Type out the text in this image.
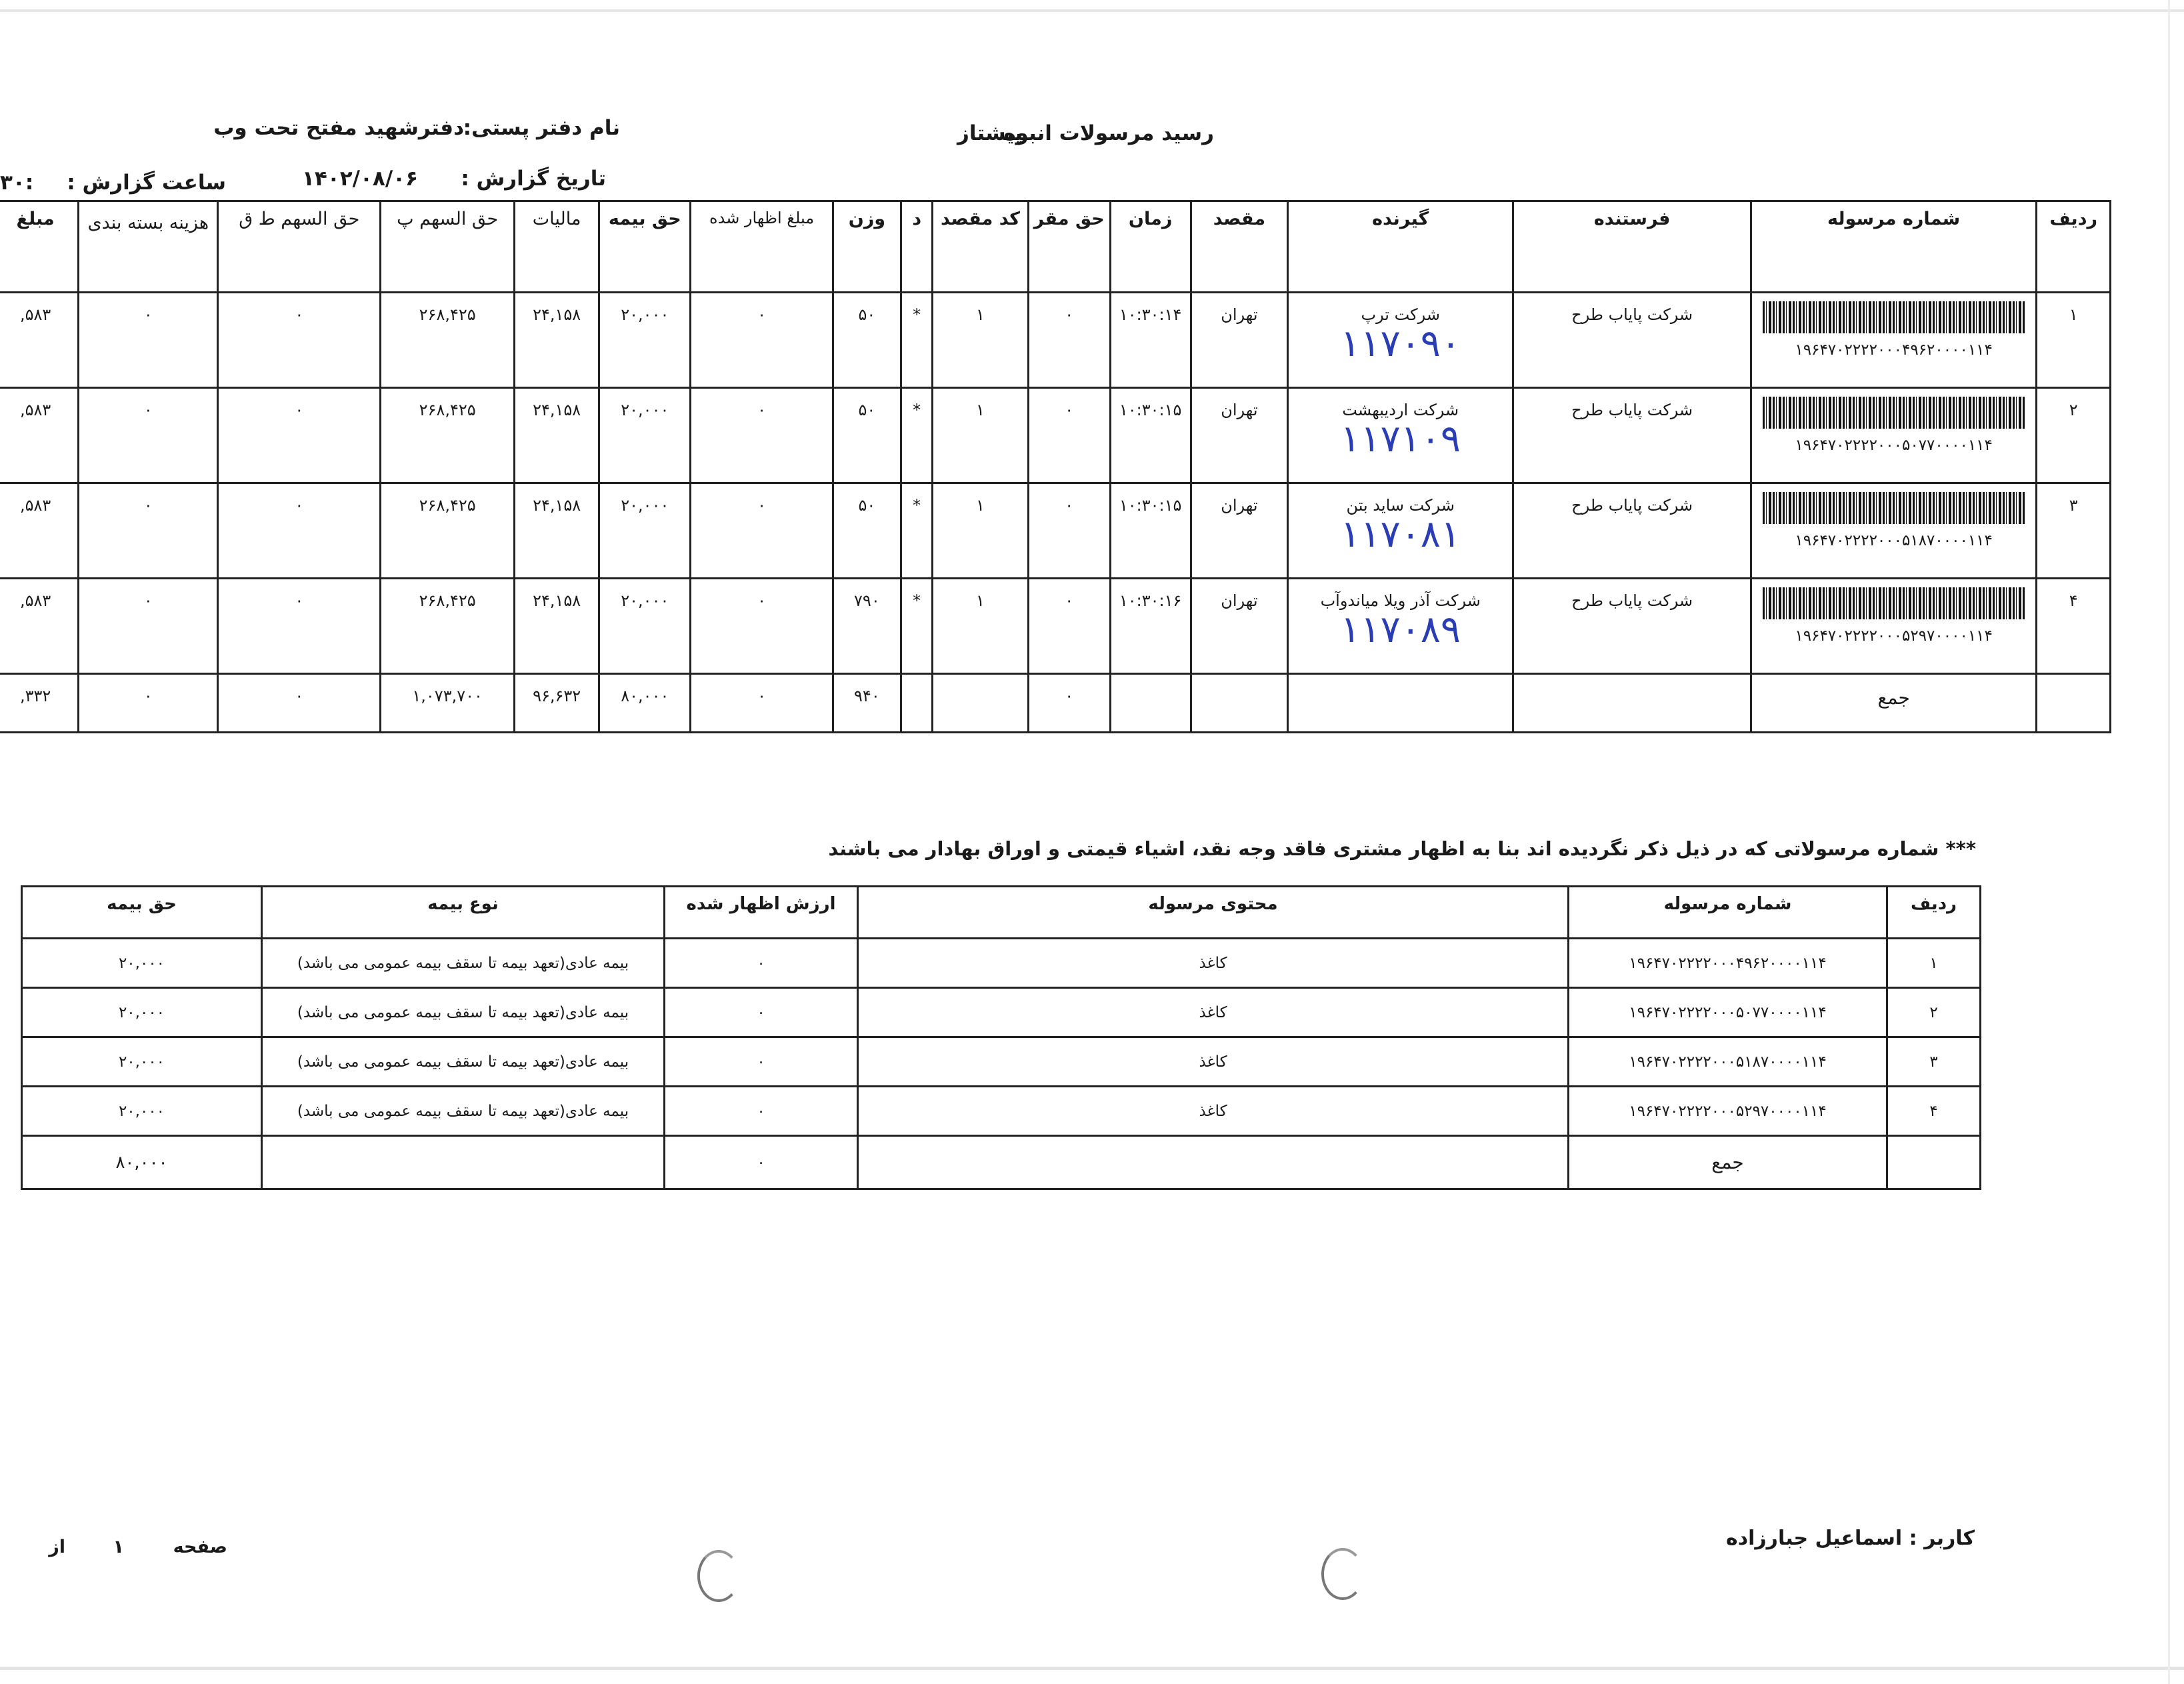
رسید مرسولات انبوه
پیشتاز
نام دفتر پستی:
دفترشهید مفتح تحت وب
تاریخ گزارش :
۱۴۰۲/۰۸/۰۶
ساعت گزارش :
۳۰:
ردیف	شماره مرسوله	فرستنده	گیرنده	مقصد	زمان	حق مقر	کد مقصد	د	وزن	مبلغ اظهار شده	حق بیمه	مالیات	حق السهم پ	حق السهم ط ق	هزینه بسته بندی	مبلغ

۱	۱۹۶۴۷۰۲۲۲۲۰۰۰۴۹۶۲۰۰۰۰۱۱۴	شرکت پایاب طرح	شرکت ترپ
۱۱۷۰۹۰	تهران	۱۰:۳۰:۱۴	۰	۱	*	۵۰	۰	۲۰,۰۰۰	۲۴,۱۵۸	۲۶۸,۴۲۵	۰	۰	۵۸۳,

۲	۱۹۶۴۷۰۲۲۲۲۰۰۰۵۰۷۷۰۰۰۰۱۱۴	شرکت پایاب طرح	شرکت اردیبهشت
۱۱۷۱۰۹	تهران	۱۰:۳۰:۱۵	۰	۱	*	۵۰	۰	۲۰,۰۰۰	۲۴,۱۵۸	۲۶۸,۴۲۵	۰	۰	۵۸۳,

۳	۱۹۶۴۷۰۲۲۲۲۰۰۰۵۱۸۷۰۰۰۰۱۱۴	شرکت پایاب طرح	شرکت ساید بتن
۱۱۷۰۸۱	تهران	۱۰:۳۰:۱۵	۰	۱	*	۵۰	۰	۲۰,۰۰۰	۲۴,۱۵۸	۲۶۸,۴۲۵	۰	۰	۵۸۳,

۴	۱۹۶۴۷۰۲۲۲۲۰۰۰۵۲۹۷۰۰۰۰۱۱۴	شرکت پایاب طرح	شرکت آذر ویلا میاندوآب
۱۱۷۰۸۹	تهران	۱۰:۳۰:۱۶	۰	۱	*	۷۹۰	۰	۲۰,۰۰۰	۲۴,۱۵۸	۲۶۸,۴۲۵	۰	۰	۵۸۳,

	جمع					۰			۹۴۰	۰	۸۰,۰۰۰	۹۶,۶۳۲	۱,۰۷۳,۷۰۰	۰	۰	۳۳۲,
*** شماره مرسولاتی که در ذیل ذکر نگردیده اند بنا به اظهار مشتری فاقد وجه نقد، اشیاء قیمتی و اوراق بهادار می باشند
ردیف	شماره مرسوله	محتوی مرسوله	ارزش اظهار شده	نوع بیمه	حق بیمه
۱	۱۹۶۴۷۰۲۲۲۲۰۰۰۴۹۶۲۰۰۰۰۱۱۴	کاغذ	۰	بیمه عادی(تعهد بیمه تا سقف بیمه عمومی می باشد)	۲۰,۰۰۰
۲	۱۹۶۴۷۰۲۲۲۲۰۰۰۵۰۷۷۰۰۰۰۱۱۴	کاغذ	۰	بیمه عادی(تعهد بیمه تا سقف بیمه عمومی می باشد)	۲۰,۰۰۰
۳	۱۹۶۴۷۰۲۲۲۲۰۰۰۵۱۸۷۰۰۰۰۱۱۴	کاغذ	۰	بیمه عادی(تعهد بیمه تا سقف بیمه عمومی می باشد)	۲۰,۰۰۰
۴	۱۹۶۴۷۰۲۲۲۲۰۰۰۵۲۹۷۰۰۰۰۱۱۴	کاغذ	۰	بیمه عادی(تعهد بیمه تا سقف بیمه عمومی می باشد)	۲۰,۰۰۰
	جمع		۰		۸۰,۰۰۰
کاربر : اسماعیل جبارزاده
صفحه
۱
از
